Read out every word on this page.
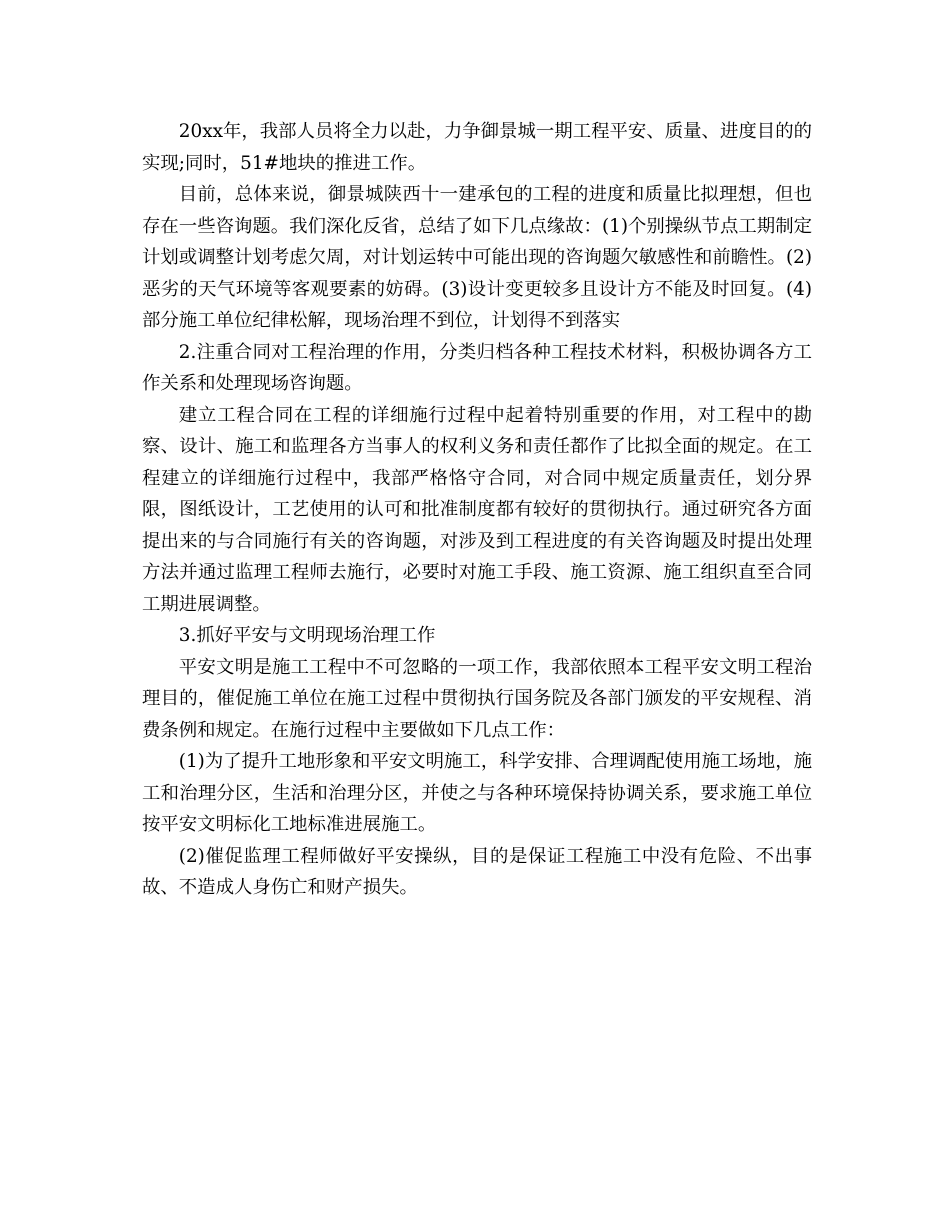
20xx年，我部人员将全力以赴，力争御景城一期工程平安、质量、进度目的的实现;同时，51#地块的推进工作。

目前，总体来说，御景城陕西十一建承包的工程的进度和质量比拟理想，但也存在一些咨询题。我们深化反省，总结了如下几点缘故：(1)个别操纵节点工期制定计划或调整计划考虑欠周，对计划运转中可能出现的咨询题欠敏感性和前瞻性。(2)恶劣的天气环境等客观要素的妨碍。(3)设计变更较多且设计方不能及时回复。(4)部分施工单位纪律松解，现场治理不到位，计划得不到落实

2.注重合同对工程治理的作用，分类归档各种工程技术材料，积极协调各方工作关系和处理现场咨询题。

建立工程合同在工程的详细施行过程中起着特别重要的作用，对工程中的勘察、设计、施工和监理各方当事人的权利义务和责任都作了比拟全面的规定。在工程建立的详细施行过程中，我部严格恪守合同，对合同中规定质量责任，划分界限，图纸设计，工艺使用的认可和批准制度都有较好的贯彻执行。通过研究各方面提出来的与合同施行有关的咨询题，对涉及到工程进度的有关咨询题及时提出处理方法并通过监理工程师去施行，必要时对施工手段、施工资源、施工组织直至合同工期进展调整。

3.抓好平安与文明现场治理工作

平安文明是施工工程中不可忽略的一项工作，我部依照本工程平安文明工程治理目的，催促施工单位在施工过程中贯彻执行国务院及各部门颁发的平安规程、消费条例和规定。在施行过程中主要做如下几点工作：

(1)为了提升工地形象和平安文明施工，科学安排、合理调配使用施工场地，施工和治理分区，生活和治理分区，并使之与各种环境保持协调关系，要求施工单位按平安文明标化工地标准进展施工。

(2)催促监理工程师做好平安操纵，目的是保证工程施工中没有危险、不出事故、不造成人身伤亡和财产损失。
